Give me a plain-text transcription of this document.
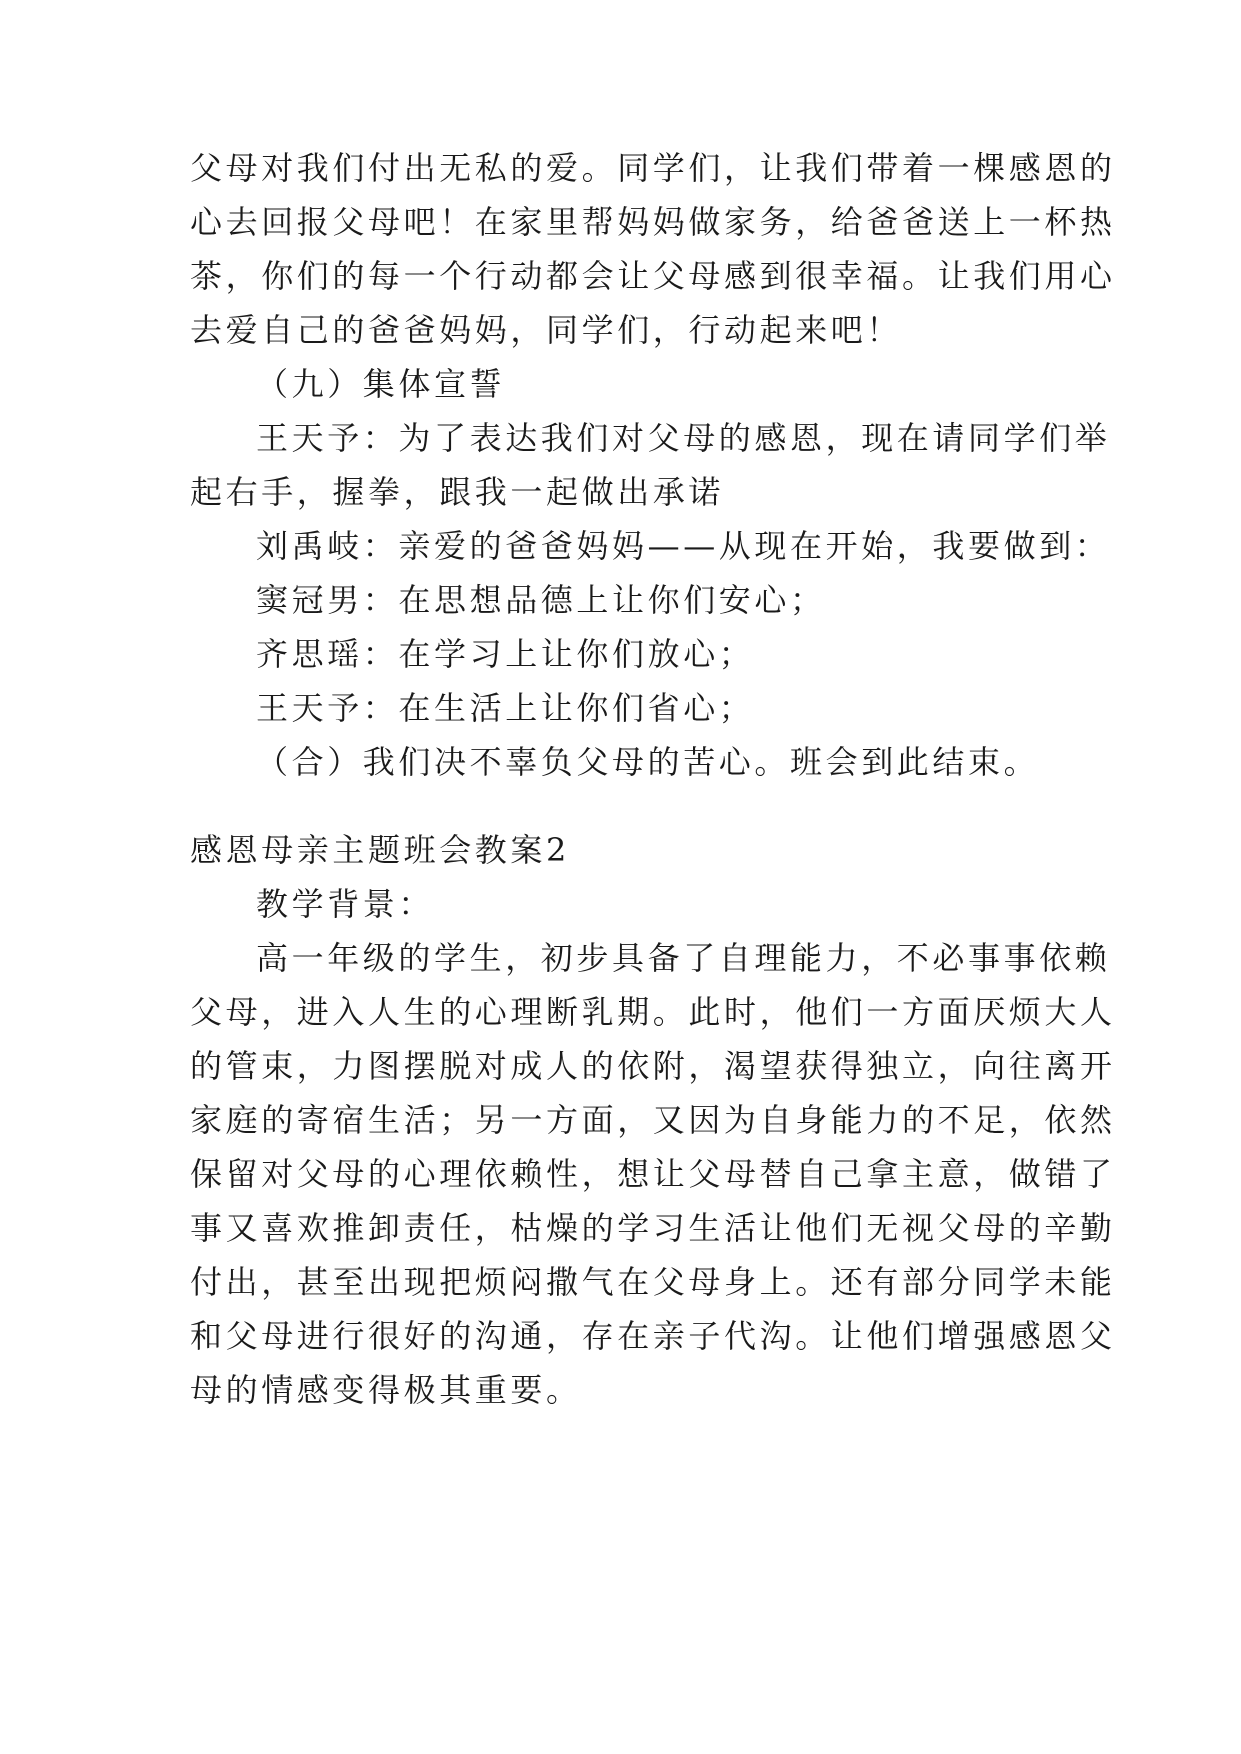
父母对我们付出无私的爱。同学们，让我们带着一棵感恩的
心去回报父母吧！在家里帮妈妈做家务，给爸爸送上一杯热
茶，你们的每一个行动都会让父母感到很幸福。让我们用心
去爱自己的爸爸妈妈，同学们，行动起来吧！
（九）集体宣誓
王天予：为了表达我们对父母的感恩，现在请同学们举
起右手，握拳，跟我一起做出承诺
刘禹岐：亲爱的爸爸妈妈——从现在开始，我要做到：
窦冠男：在思想品德上让你们安心；
齐思瑶：在学习上让你们放心；
王天予：在生活上让你们省心；
（合）我们决不辜负父母的苦心。班会到此结束。
感恩母亲主题班会教案2
教学背景：
高一年级的学生，初步具备了自理能力，不必事事依赖
父母，进入人生的心理断乳期。此时，他们一方面厌烦大人
的管束，力图摆脱对成人的依附，渴望获得独立，向往离开
家庭的寄宿生活；另一方面，又因为自身能力的不足，依然
保留对父母的心理依赖性，想让父母替自己拿主意，做错了
事又喜欢推卸责任，枯燥的学习生活让他们无视父母的辛勤
付出，甚至出现把烦闷撒气在父母身上。还有部分同学未能
和父母进行很好的沟通，存在亲子代沟。让他们增强感恩父
母的情感变得极其重要。
